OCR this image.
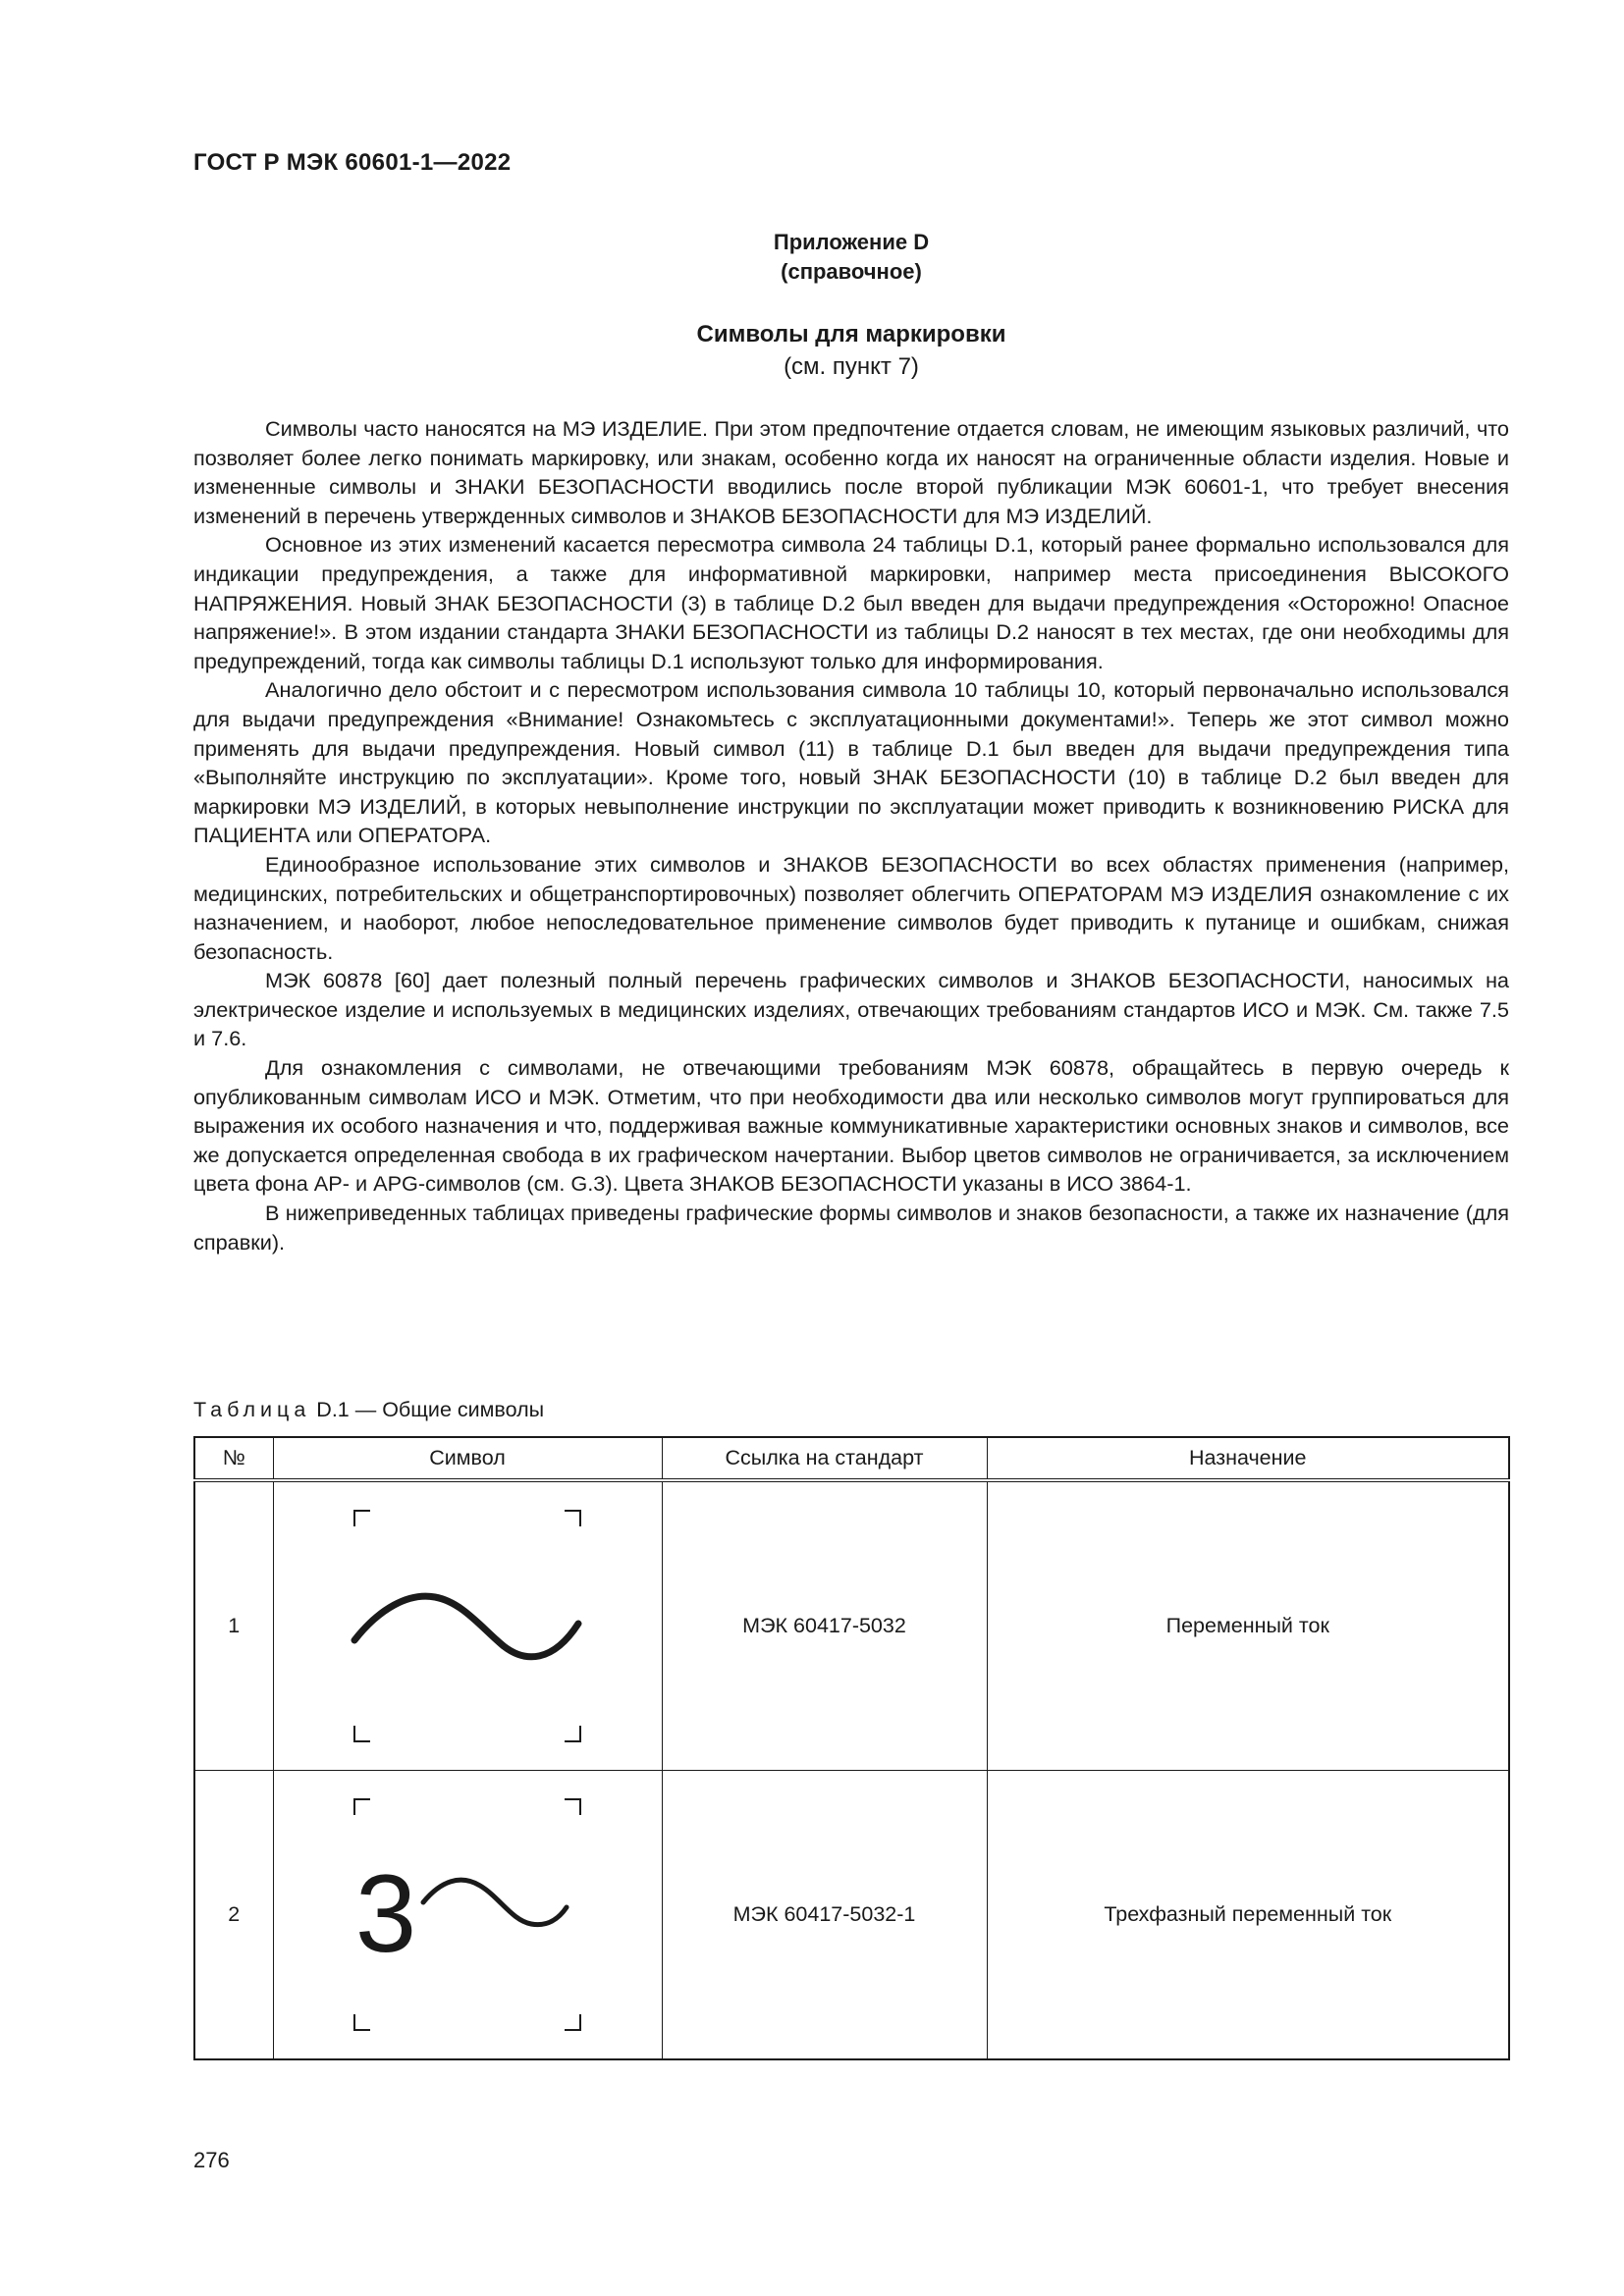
ГОСТ Р МЭК 60601-1—2022
Приложение D
(справочное)
Символы для маркировки
(см. пункт 7)

Символы часто наносятся на МЭ ИЗДЕЛИЕ. При этом предпочтение отдается словам, не имеющим языковых различий, что позволяет более легко понимать маркировку, или знакам, особенно когда их наносят на ограниченные области изделия. Новые и измененные символы и ЗНАКИ БЕЗОПАСНОСТИ вводились после второй публикации МЭК 60601-1, что требует внесения изменений в перечень утвержденных символов и ЗНАКОВ БЕЗОПАСНОСТИ для МЭ ИЗДЕЛИЙ.

Основное из этих изменений касается пересмотра символа 24 таблицы D.1, который ранее формально использовался для индикации предупреждения, а также для информативной маркировки, например места присоединения ВЫСОКОГО НАПРЯЖЕНИЯ. Новый ЗНАК БЕЗОПАСНОСТИ (3) в таблице D.2 был введен для выдачи предупреждения «Осторожно! Опасное напряжение!». В этом издании стандарта ЗНАКИ БЕЗОПАСНОСТИ из таблицы D.2 наносят в тех местах, где они необходимы для предупреждений, тогда как символы таблицы D.1 используют только для информирования.

Аналогично дело обстоит и с пересмотром использования символа 10 таблицы 10, который первоначально использовался для выдачи предупреждения «Внимание! Ознакомьтесь с эксплуатационными документами!». Теперь же этот символ можно применять для выдачи предупреждения. Новый символ (11) в таблице D.1 был введен для выдачи предупреждения типа «Выполняйте инструкцию по эксплуатации». Кроме того, новый ЗНАК БЕЗОПАСНОСТИ (10) в таблице D.2 был введен для маркировки МЭ ИЗДЕЛИЙ, в которых невыполнение инструкции по эксплуатации может приводить к возникновению РИСКА для ПАЦИЕНТА или ОПЕРАТОРА.

Единообразное использование этих символов и ЗНАКОВ БЕЗОПАСНОСТИ во всех областях применения (например, медицинских, потребительских и общетранспортировочных) позволяет облегчить ОПЕРАТОРАМ МЭ ИЗДЕЛИЯ ознакомление с их назначением, и наоборот, любое непоследовательное применение символов будет приводить к путанице и ошибкам, снижая безопасность.

МЭК 60878 [60] дает полезный полный перечень графических символов и ЗНАКОВ БЕЗОПАСНОСТИ, наносимых на электрическое изделие и используемых в медицинских изделиях, отвечающих требованиям стандартов ИСО и МЭК. См. также 7.5 и 7.6.

Для ознакомления с символами, не отвечающими требованиям МЭК 60878, обращайтесь в первую очередь к опубликованным символам ИСО и МЭК. Отметим, что при необходимости два или несколько символов могут группироваться для выражения их особого назначения и что, поддерживая важные коммуникативные характеристики основных знаков и символов, все же допускается определенная свобода в их графическом начертании. Выбор цветов символов не ограничивается, за исключением цвета фона AP- и APG-символов (см. G.3). Цвета ЗНАКОВ БЕЗОПАСНОСТИ указаны в ИСО 3864-1.

В нижеприведенных таблицах приведены графические формы символов и знаков безопасности, а также их назначение (для справки).

Таблица D.1 — Общие символы
№	Символ	Ссылка на стандарт	Назначение
1		МЭК 60417-5032	Переменный ток
2	3	МЭК 60417-5032-1	Трехфазный переменный ток
276
